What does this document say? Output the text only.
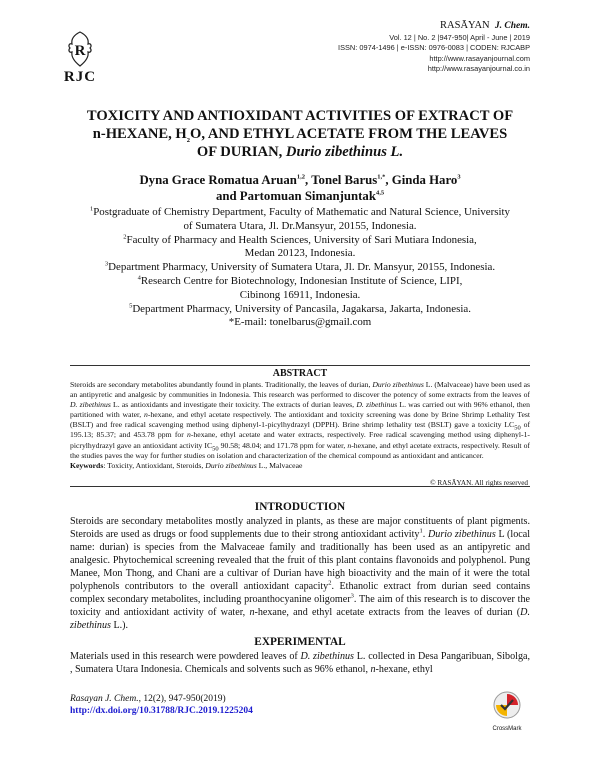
R
RJC
RASĀYAN J. Chem.
Vol. 12 | No. 2 |947-950| April - June | 2019
ISSN: 0974-1496 | e-ISSN: 0976-0083 | CODEN: RJCABP
http://www.rasayanjournal.com
http://www.rasayanjournal.co.in
TOXICITY AND ANTIOXIDANT ACTIVITIES OF EXTRACT OF
n-HEXANE, $H_2O$, AND ETHYL ACETATE FROM THE LEAVES
OF DURIAN, Durio zibethinus L.
Dyna Grace Romatua Aruan$^{1,2}$, Tonel Barus$^{1,*}$, Ginda Haro$^3$
and Partomuan Simanjuntak$^{4,5}$
$^1$Postgraduate of Chemistry Department, Faculty of Mathematic and Natural Science, University
of Sumatera Utara, Jl. Dr.Mansyur, 20155, Indonesia.
$^2$Faculty of Pharmacy and Health Sciences, University of Sari Mutiara Indonesia,
Medan 20123, Indonesia.
$^3$Department Pharmacy, University of Sumatera Utara, Jl. Dr. Mansyur, 20155, Indonesia.
$^4$Research Centre for Biotechnology, Indonesian Institute of Science, LIPI,
Cibinong 16911, Indonesia.
$^5$Department Pharmacy, University of Pancasila, Jagakarsa, Jakarta, Indonesia.
*E-mail: tonelbarus@gmail.com
ABSTRACT
Steroids are secondary metabolites abundantly found in plants. Traditionally, the leaves of durian, Durio zibethinus L. (Malvaceae) have been used as an antipyretic and analgesic by communities in Indonesia. This research was performed to discover the potency of some extracts from the leaves of D. zibethinus L. as antioxidants and investigate their toxicity. The extracts of durian leaves, D. zibethinus L. was carried out with 96% ethanol, then partitioned with water, n-hexane, and ethyl acetate respectively. The antioxidant and toxicity screening was done by Brine Shrimp Lethality Test (BSLT) and free radical scavenging method using diphenyl-1-picylhydrazyl (DPPH). Brine shrimp lethality test (BSLT) gave a toxicity $LC_{50}$ of 195.13; 85.37; and 453.78 ppm for n-hexane, ethyl acetate and water extracts, respectively. Free radical scavenging method using diphenyl-1-picrylhydrazyl gave an antioxidant activity $IC_{50}$ 90.58; 48.04; and 171.78 ppm for water, n-hexane, and ethyl acetate extracts, respectively. Result of the studies paves the way for further studies on isolation and characterization of the chemical compound as antioxidant and anticancer.
Keywords: Toxicity, Antioxidant, Steroids, Durio zibethinus L., Malvaceae
© RASĀYAN. All rights reserved
INTRODUCTION
Steroids are secondary metabolites mostly analyzed in plants, as these are major constituents of plant pigments. Steroids are used as drugs or food supplements due to their strong antioxidant activity$^1$. Durio zibethinus L (local name: durian) is species from the Malvaceae family and traditionally has been used as an antipyretic and analgesic. Phytochemical screening revealed that the fruit of this plant contains flavonoids and polyphenol. Pung Manee, Mon Thong, and Chani are a cultivar of Durian have high bioactivity and the main of it were the total polyphenols contributors to the overall antioxidant capacity$^2$. Ethanolic extract from durian seed contains complex secondary metabolites, including proanthocyanine oligomer$^3$. The aim of this research is to discover the toxicity and antioxidant activity of water, n-hexane, and ethyl acetate extracts from the leaves of durian (D. zibethinus L.).
EXPERIMENTAL
Materials used in this research were powdered leaves of D. zibethinus L. collected in Desa Pangaribuan, Sibolga, , Sumatera Utara Indonesia. Chemicals and solvents such as 96% ethanol, n-hexane, ethyl
Rasayan J. Chem., 12(2), 947-950(2019)
http://dx.doi.org/10.31788/RJC.2019.1225204
CrossMark
